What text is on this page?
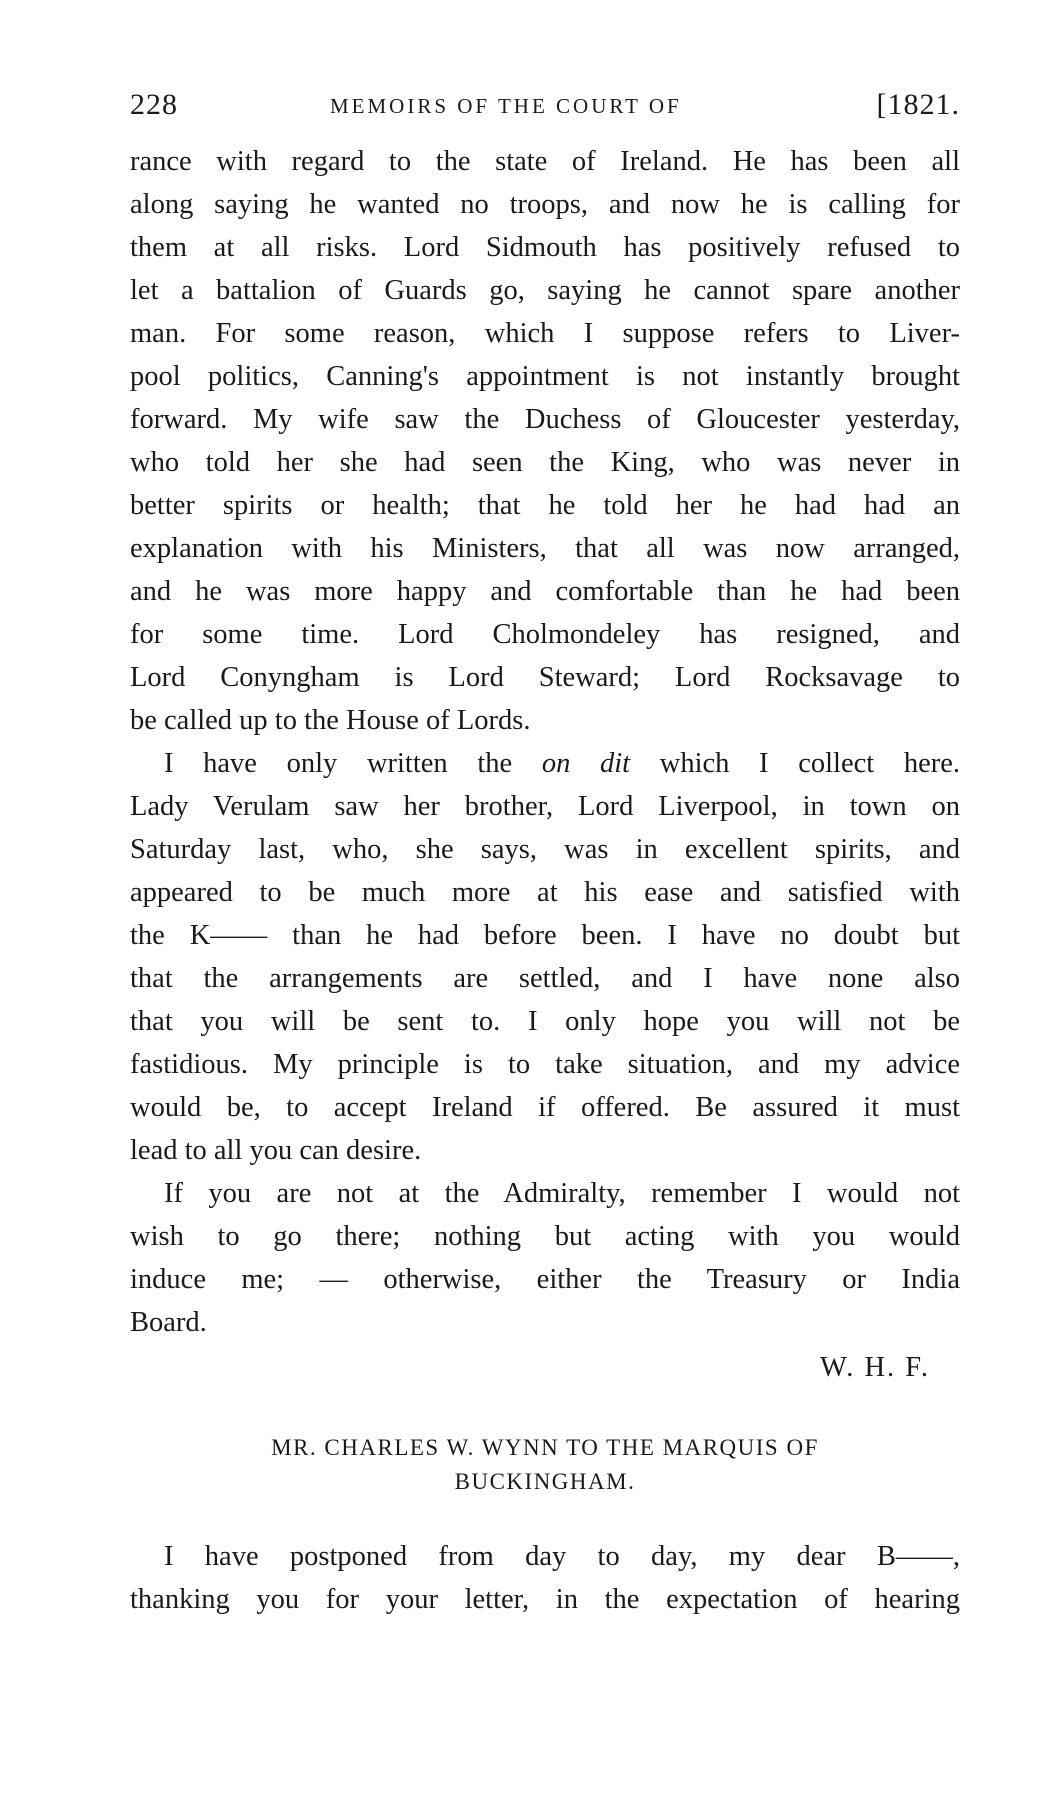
228	MEMOIRS OF THE COURT OF	[1821.
rance with regard to the state of Ireland. He has been all
along saying he wanted no troops, and now he is calling for
them at all risks. Lord Sidmouth has positively refused to
let a battalion of Guards go, saying he cannot spare another
man. For some reason, which I suppose refers to Liver-
pool politics, Canning's appointment is not instantly brought
forward. My wife saw the Duchess of Gloucester yesterday,
who told her she had seen the King, who was never in
better spirits or health; that he told her he had had an
explanation with his Ministers, that all was now arranged,
and he was more happy and comfortable than he had been
for some time. Lord Cholmondeley has resigned, and
Lord Conyngham is Lord Steward; Lord Rocksavage to
be called up to the House of Lords.
I have only written the on dit which I collect here.
Lady Verulam saw her brother, Lord Liverpool, in town on
Saturday last, who, she says, was in excellent spirits, and
appeared to be much more at his ease and satisfied with
the K—— than he had before been. I have no doubt but
that the arrangements are settled, and I have none also
that you will be sent to. I only hope you will not be
fastidious. My principle is to take situation, and my advice
would be, to accept Ireland if offered. Be assured it must
lead to all you can desire.
If you are not at the Admiralty, remember I would not
wish to go there; nothing but acting with you would
induce me; — otherwise, either the Treasury or India
Board.
W. H. F.
MR. CHARLES W. WYNN TO THE MARQUIS OF
BUCKINGHAM.
I have postponed from day to day, my dear B——,
thanking you for your letter, in the expectation of hearing
